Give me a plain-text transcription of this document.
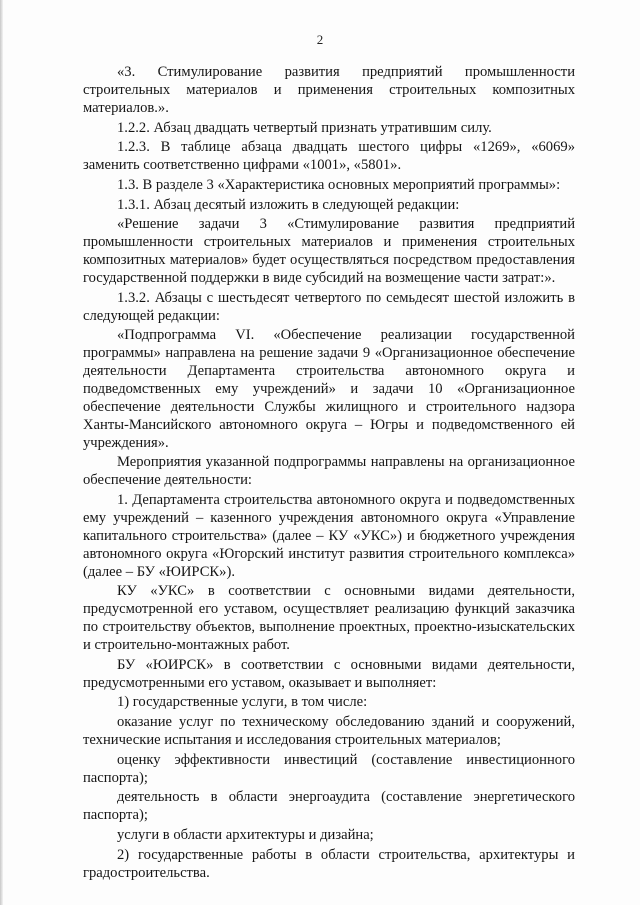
2

«3. Стимулирование развития предприятий промышленности строительных материалов и применения строительных композитных материалов.».

1.2.2. Абзац двадцать четвертый признать утратившим силу.

1.2.3. В таблице абзаца двадцать шестого цифры «1269», «6069» заменить соответственно цифрами «1001», «5801».

1.3. В разделе 3 «Характеристика основных мероприятий программы»:

1.3.1. Абзац десятый изложить в следующей редакции:

«Решение задачи 3 «Стимулирование развития предприятий промышленности строительных материалов и применения строительных композитных материалов» будет осуществляться посредством предоставления государственной поддержки в виде субсидий на возмещение части затрат:».

1.3.2. Абзацы с шестьдесят четвертого по семьдесят шестой изложить в следующей редакции:

«Подпрограмма VI. «Обеспечение реализации государственной программы» направлена на решение задачи 9 «Организационное обеспечение деятельности Департамента строительства автономного округа и подведомственных ему учреждений» и задачи 10 «Организационное обеспечение деятельности Службы жилищного и строительного надзора Ханты-Мансийского автономного округа – Югры и подведомственного ей учреждения».

Мероприятия указанной подпрограммы направлены на организационное обеспечение деятельности:

1. Департамента строительства автономного округа и подведомственных ему учреждений – казенного учреждения автономного округа «Управление капитального строительства» (далее – КУ «УКС») и бюджетного учреждения автономного округа «Югорский институт развития строительного комплекса» (далее – БУ «ЮИРСК»).

КУ «УКС» в соответствии с основными видами деятельности, предусмотренной его уставом, осуществляет реализацию функций заказчика по строительству объектов, выполнение проектных, проектно-изыскательских и строительно-монтажных работ.

БУ «ЮИРСК» в соответствии с основными видами деятельности, предусмотренными его уставом, оказывает и выполняет:

1) государственные услуги, в том числе:

оказание услуг по техническому обследованию зданий и сооружений, технические испытания и исследования строительных материалов;

оценку эффективности инвестиций (составление инвестиционного паспорта);

деятельность в области энергоаудита (составление энергетического паспорта);

услуги в области архитектуры и дизайна;

2) государственные работы в области строительства, архитектуры и градостроительства.
